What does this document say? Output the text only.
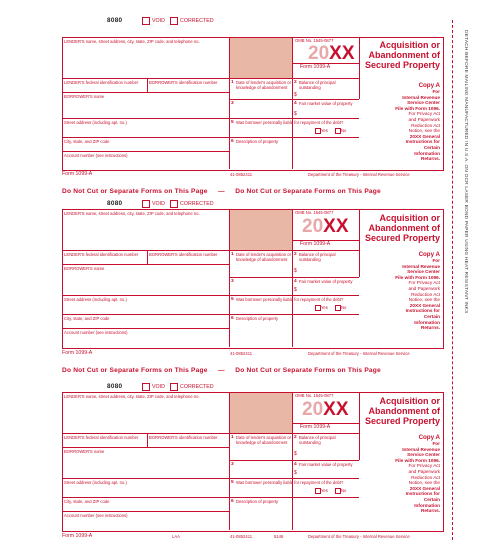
8080	VOID	CORRECTED
LENDER'S name, street address, city, state, ZIP code, and telephone no.
LENDER'S federal identification number	BORROWER'S identification number
BORROWER'S name
Street address (including apt. no.)
City, state, and ZIP code
Account number (see instructions)
OMB No. 1545-0877
20XX
Form 1099-A
Acquisition or
Abandonment of
Secured Property
1 Date of lender's acquisition or
knowledge of abandonment
2 Balance of principal
outstanding
$
3	4 Fair market value of property
$
5 Was borrower personally liable for repayment of the debt?
Yes	No
6 Description of property
Copy A
For
Internal Revenue
Service Center
File with Form 1096.
For Privacy Act
and Paperwork
Reduction Act
Notice, see the
20XX General
Instructions for
Certain
Information
Returns.
Form 1099-A	41-0852411	Department of the Treasury - Internal Revenue Service
Do Not Cut or Separate Forms on This Page — Do Not Cut or Separate Forms on This Page
8080	VOID	CORRECTED
LENDER'S name, street address, city, state, ZIP code, and telephone no.
LENDER'S federal identification number	BORROWER'S identification number
BORROWER'S name
Street address (including apt. no.)
City, state, and ZIP code
Account number (see instructions)
OMB No. 1545-0877
20XX
Form 1099-A
Acquisition or
Abandonment of
Secured Property
1 Date of lender's acquisition or
knowledge of abandonment
2 Balance of principal
outstanding
$
3	4 Fair market value of property
$
5 Was borrower personally liable for repayment of the debt?
Yes	No
6 Description of property
Copy A
For
Internal Revenue
Service Center
File with Form 1096.
For Privacy Act
and Paperwork
Reduction Act
Notice, see the
20XX General
Instructions for
Certain
Information
Returns.
Form 1099-A	41-0852411	Department of the Treasury - Internal Revenue Service
Do Not Cut or Separate Forms on This Page — Do Not Cut or Separate Forms on This Page
8080	VOID	CORRECTED
LENDER'S name, street address, city, state, ZIP code, and telephone no.
LENDER'S federal identification number	BORROWER'S identification number
BORROWER'S name
Street address (including apt. no.)
City, state, and ZIP code
Account number (see instructions)
OMB No. 1545-0877
20XX
Form 1099-A
Acquisition or
Abandonment of
Secured Property
1 Date of lender's acquisition or
knowledge of abandonment
2 Balance of principal
outstanding
$
3	4 Fair market value of property
$
5 Was borrower personally liable for repayment of the debt?
Yes	No
6 Description of property
Copy A
For
Internal Revenue
Service Center
File with Form 1096.
For Privacy Act
and Paperwork
Reduction Act
Notice, see the
20XX General
Instructions for
Certain
Information
Returns.
Form 1099-A	LAA	41-0852411	5146	Department of the Treasury - Internal Revenue Service
DETACH BEFORE MAILING MANUFACTURED IN U.S.A. ON OCR LASER BOND PAPER USING HEAT RESISTANT INKS
